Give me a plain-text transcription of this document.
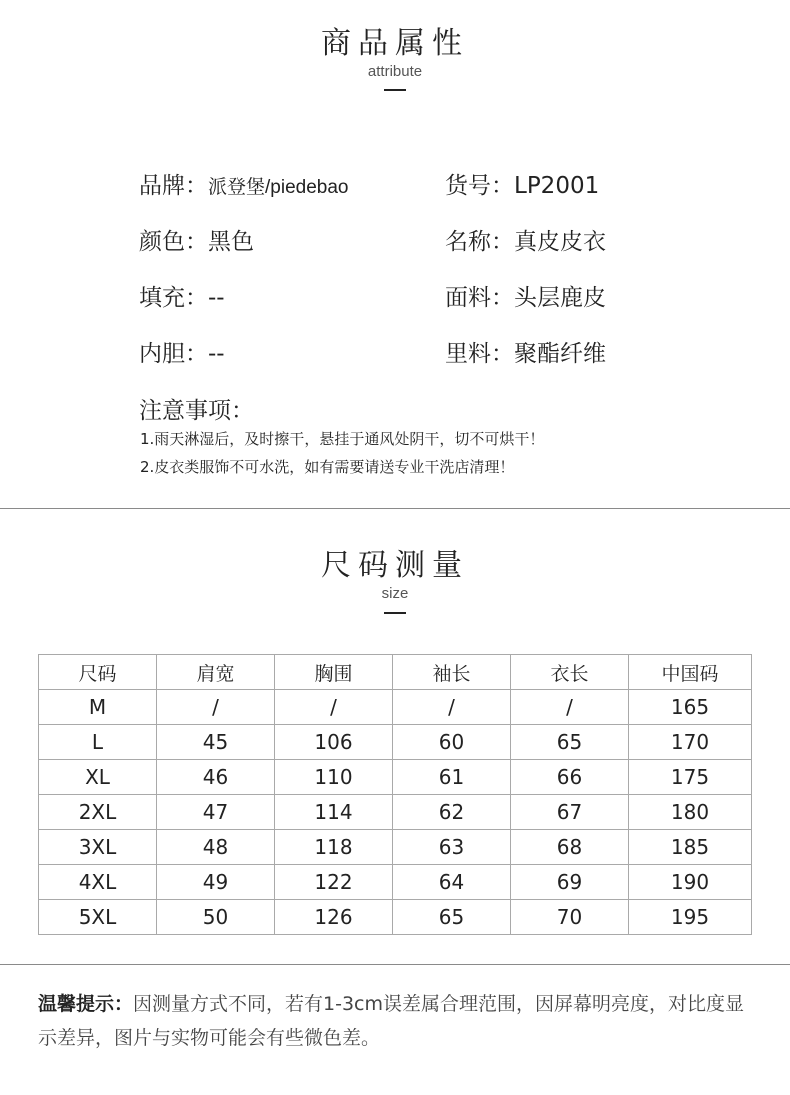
商品属性
attribute
品牌：派登堡/piedebao	货号：LP2001
颜色：黑色	名称：真皮皮衣
填充：--	面料：头层鹿皮
内胆：--	里料：聚酯纤维
注意事项：
1.雨天淋湿后，及时擦干，悬挂于通风处阴干，切不可烘干！
2.皮衣类服饰不可水洗，如有需要请送专业干洗店清理！
尺码测量
size
尺码	肩宽	胸围	袖长	衣长	中国码
M	/	/	/	/	165
L	45	106	60	65	170
XL	46	110	61	66	175
2XL	47	114	62	67	180
3XL	48	118	63	68	185
4XL	49	122	64	69	190
5XL	50	126	65	70	195
温馨提示：因测量方式不同，若有1-3cm误差属合理范围，因屏幕明亮度，对比度显示差异，图片与实物可能会有些微色差。
